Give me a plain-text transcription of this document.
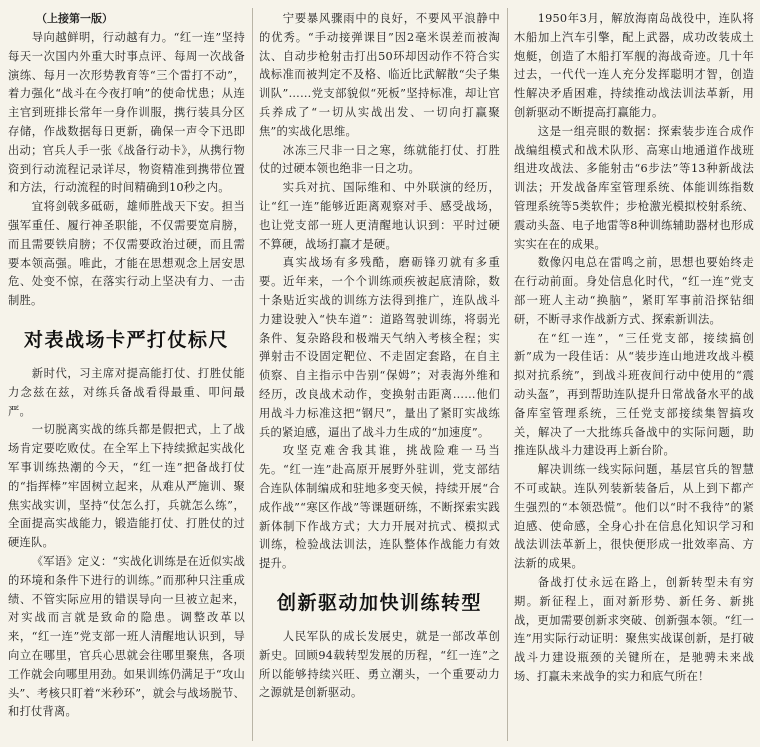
（上接第一版）

导向越鲜明，行动越有力。“红一连”坚持每天一次国内外重大时事点评、每周一次战备演练、每月一次形势教育等“三个雷打不动”，着力强化“战斗在今夜打响”的使命忧患；从连主官到班排长常年一身作训服，携行装具分区存储，作战数据每日更新，确保一声令下迅即出动；官兵人手一张《战备行动卡》，从携行物资到行动流程记录详尽，物资精准到携带位置和方法，行动流程的时间精确到10秒之内。

宜将剑戟多砥砺，雄师胜战天下安。担当强军重任、履行神圣职能，不仅需要宽肩膀，而且需要铁肩膀；不仅需要政治过硬，而且需要本领高强。唯此，才能在思想观念上居安思危、处变不惊，在落实行动上坚决有力、一击制胜。

对表战场卡严打仗标尺

新时代，习主席对提高能打仗、打胜仗能力念兹在兹，对练兵备战看得最重、叩问最严。

一切脱离实战的练兵都是假把式，上了战场肯定要吃败仗。在全军上下持续掀起实战化军事训练热潮的今天，“红一连”把备战打仗的“指挥棒”牢固树立起来，从难从严施训、聚焦实战实训，坚持“仗怎么打，兵就怎么练”，全面提高实战能力，锻造能打仗、打胜仗的过硬连队。

《军语》定义：“实战化训练是在近似实战的环境和条件下进行的训练。”而那种只注重成绩、不管实际应用的错误导向一旦被立起来，对实战而言就是致命的隐患。调整改革以来，“红一连”党支部一班人清醒地认识到，导向立在哪里，官兵心思就会往哪里聚焦，各项工作就会向哪里用劲。如果训练仍满足于“攻山头”、考核只盯着“米秒环”，就会与战场脱节、和打仗背离。

宁要暴风骤雨中的良好，不要风平浪静中的优秀。“手动接弹课目”因2毫米误差而被淘汰、自动步枪射击打出50环却因动作不符合实战标准而被判定不及格、临近比武解散“尖子集训队”……党支部貌似“死板”坚持标准，却让官兵养成了“一切从实战出发、一切向打赢聚焦”的实战化思维。

冰冻三尺非一日之寒，练就能打仗、打胜仗的过硬本领也绝非一日之功。

实兵对抗、国际维和、中外联演的经历，让“红一连”能够近距离观察对手、感受战场，也让党支部一班人更清醒地认识到：平时过硬不算硬，战场打赢才是硬。

真实战场有多残酷，磨砺锋刃就有多重要。近年来，一个个训练顽疾被起底清除，数十条贴近实战的训练方法得到推广，连队战斗力建设驶入“快车道”：道路驾驶训练，将弱光条件、复杂路段和极端天气纳入考核全程；实弹射击不设固定靶位、不走固定套路，在自主侦察、自主指示中告别“保姆”；对表海外维和经历，改良战术动作，变换射击距离……他们用战斗力标准这把“钢尺”，量出了紧盯实战练兵的紧迫感，逼出了战斗力生成的“加速度”。

攻坚克难舍我其谁，挑战险难一马当先。“红一连”赴高原开展野外驻训，党支部结合连队体制编成和驻地多变天候，持续开展“合成作战”“寒区作战”等课题研练，不断探索实践新体制下作战方式；大力开展对抗式、模拟式训练，检验战法训法，连队整体作战能力有效提升。

创新驱动加快训练转型

人民军队的成长发展史，就是一部改革创新史。回顾94载转型发展的历程，“红一连”之所以能够持续兴旺、勇立潮头，一个重要动力之源就是创新驱动。

1950年3月，解放海南岛战役中，连队将木船加上汽车引擎，配上武器，成功改装成土炮艇，创造了木船打军舰的海战奇迹。几十年过去，一代代一连人充分发挥聪明才智，创造性解决矛盾困难，持续推动战法训法革新，用创新驱动不断提高打赢能力。

这是一组亮眼的数据：探索装步连合成作战编组模式和战术队形、高寒山地通道作战班组进攻战法、多能射击“6步法”等13种新战法训法；开发战备库室管理系统、体能训练指数管理系统等5类软件；步枪激光模拟校射系统、震动头盔、电子地雷等8种训练辅助器材也形成实实在在的成果。

数像闪电总在雷鸣之前，思想也要始终走在行动前面。身处信息化时代，“红一连”党支部一班人主动“换脑”，紧盯军事前沿探钻细研，不断寻求作战新方式、探索新训法。

在“红一连”，“三任党支部，接续搞创新”成为一段佳话：从“装步连山地进攻战斗模拟对抗系统”，到战斗班夜间行动中使用的“震动头盔”，再到帮助连队提升日常战备水平的战备库室管理系统，三任党支部接续集智搞攻关，解决了一大批练兵备战中的实际问题，助推连队战斗力建设再上新台阶。

解决训练一线实际问题，基层官兵的智慧不可或缺。连队列装新装备后，从上到下都产生强烈的“本领恐慌”。他们以“时不我待”的紧迫感、使命感，全身心扑在信息化知识学习和战法训法革新上，很快便形成一批效率高、方法新的成果。

备战打仗永远在路上，创新转型未有穷期。新征程上，面对新形势、新任务、新挑战，更加需要创新求突破、创新强本领。“红一连”用实际行动证明：聚焦实战谋创新，是打破战斗力建设瓶颈的关键所在，是驰骋未来战场、打赢未来战争的实力和底气所在！
